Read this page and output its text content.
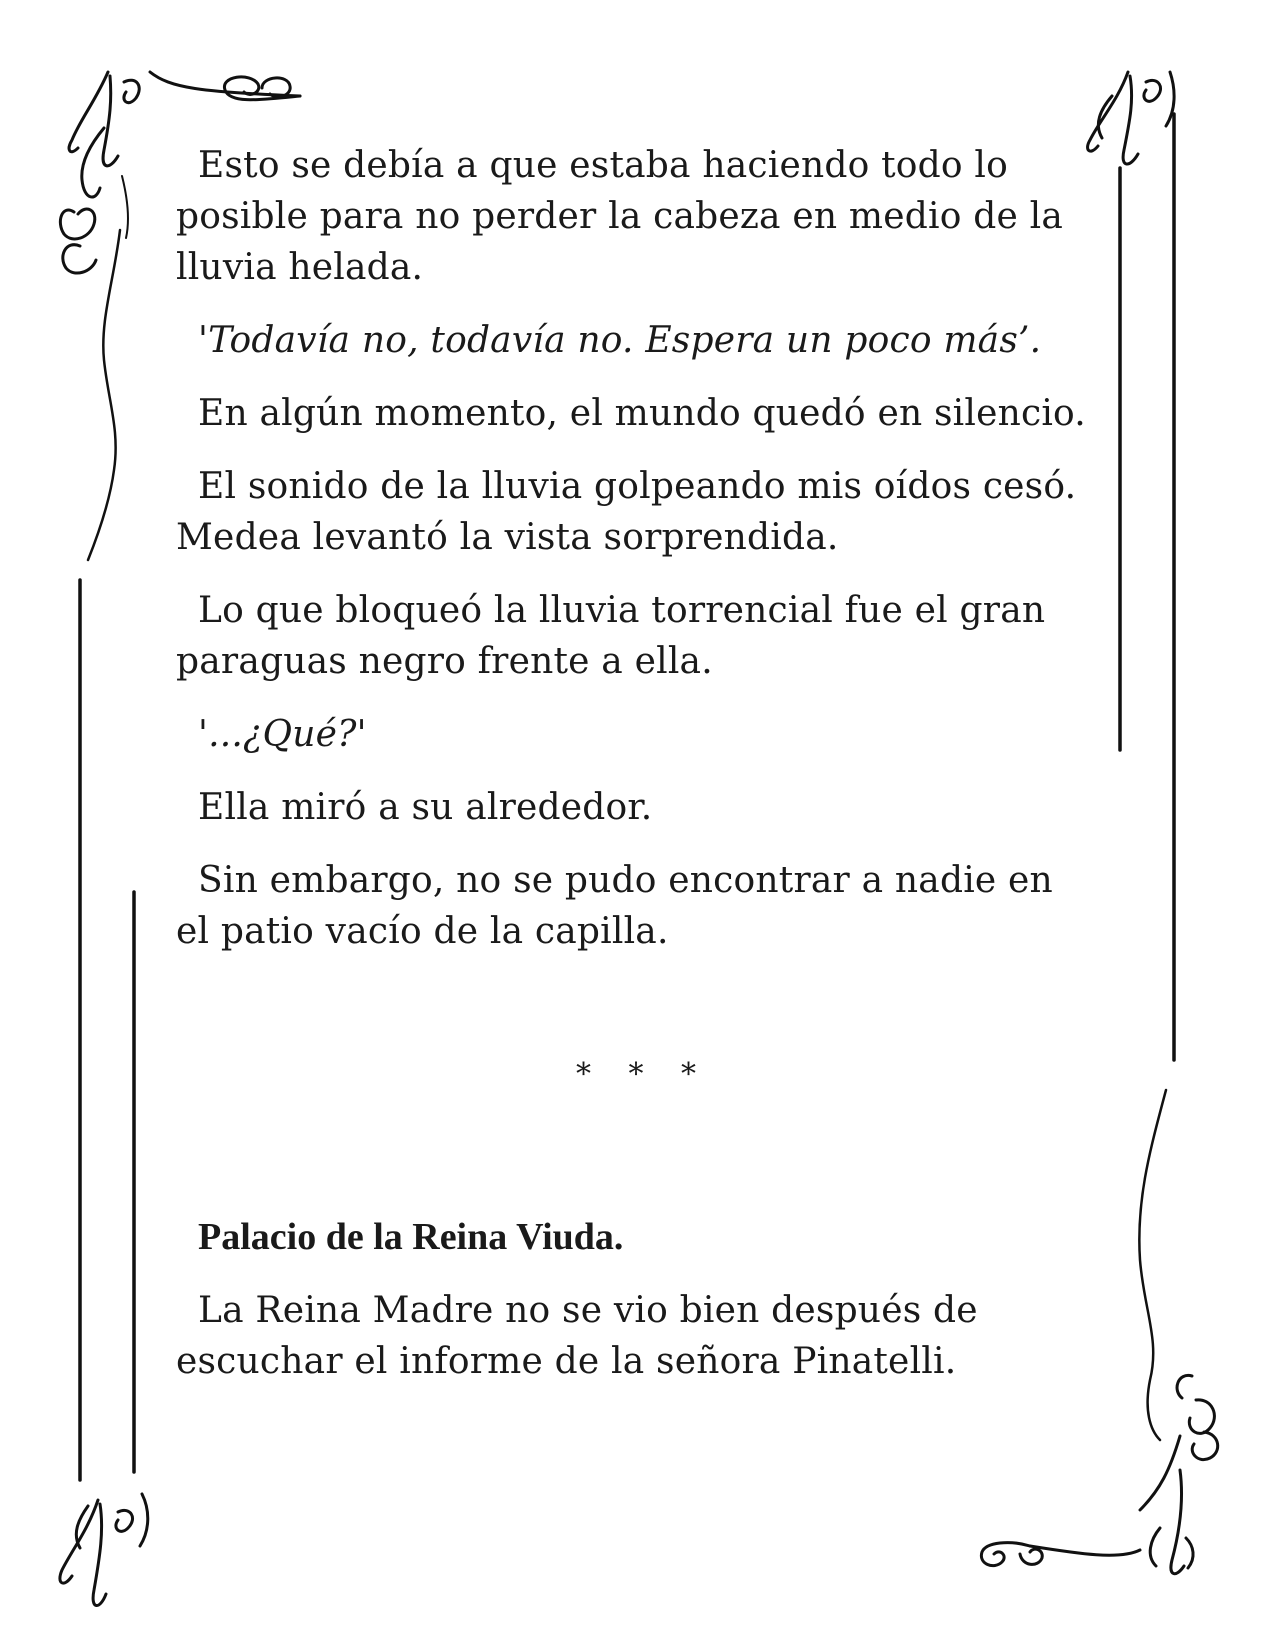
Esto se debía a que estaba haciendo todo lo posible para no perder la cabeza en medio de la lluvia helada.

'Todavía no, todavía no. Espera un poco más’.

En algún momento, el mundo quedó en silencio.

El sonido de la lluvia golpeando mis oídos cesó. Medea levantó la vista sorprendida.

Lo que bloqueó la lluvia torrencial fue el gran paraguas negro frente a ella.

'...¿Qué?'

Ella miró a su alrededor.

Sin embargo, no se pudo encontrar a nadie en el patio vacío de la capilla.

* * *
Palacio de la Reina Viuda.

La Reina Madre no se vio bien después de escuchar el informe de la señora Pinatelli.
